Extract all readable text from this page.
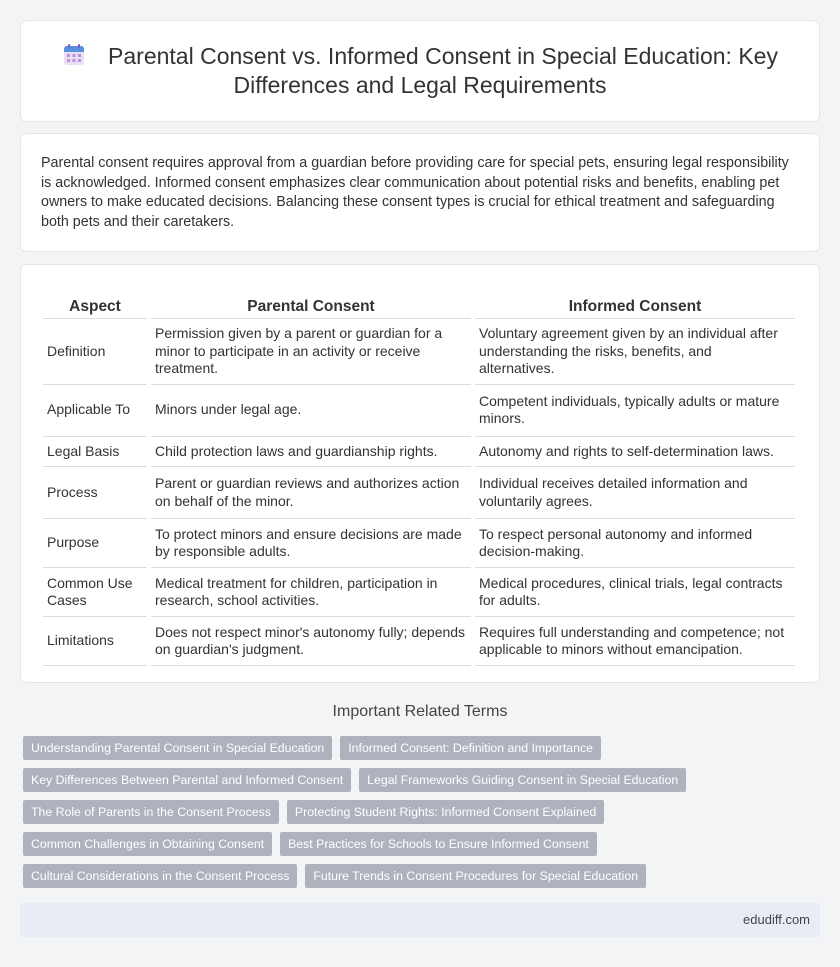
Parental Consent vs. Informed Consent in Special Education: Key Differences and Legal Requirements

Parental consent requires approval from a guardian before providing care for special pets, ensuring legal responsibility is acknowledged. Informed consent emphasizes clear communication about potential risks and benefits, enabling pet owners to make educated decisions. Balancing these consent types is crucial for ethical treatment and safeguarding both pets and their caretakers.

Aspect	Parental Consent	Informed Consent
Definition	Permission given by a parent or guardian for a minor to participate in an activity or receive treatment.	Voluntary agreement given by an individual after understanding the risks, benefits, and alternatives.
Applicable To	Minors under legal age.	Competent individuals, typically adults or mature minors.
Legal Basis	Child protection laws and guardianship rights.	Autonomy and rights to self-determination laws.
Process	Parent or guardian reviews and authorizes action on behalf of the minor.	Individual receives detailed information and voluntarily agrees.
Purpose	To protect minors and ensure decisions are made by responsible adults.	To respect personal autonomy and informed decision-making.
Common Use Cases	Medical treatment for children, participation in research, school activities.	Medical procedures, clinical trials, legal contracts for adults.
Limitations	Does not respect minor's autonomy fully; depends on guardian's judgment.	Requires full understanding and competence; not applicable to minors without emancipation.
Important Related Terms
Understanding Parental Consent in Special Education	Informed Consent: Definition and Importance
Key Differences Between Parental and Informed Consent	Legal Frameworks Guiding Consent in Special Education
The Role of Parents in the Consent Process	Protecting Student Rights: Informed Consent Explained
Common Challenges in Obtaining Consent	Best Practices for Schools to Ensure Informed Consent
Cultural Considerations in the Consent Process	Future Trends in Consent Procedures for Special Education
edudiff.com
